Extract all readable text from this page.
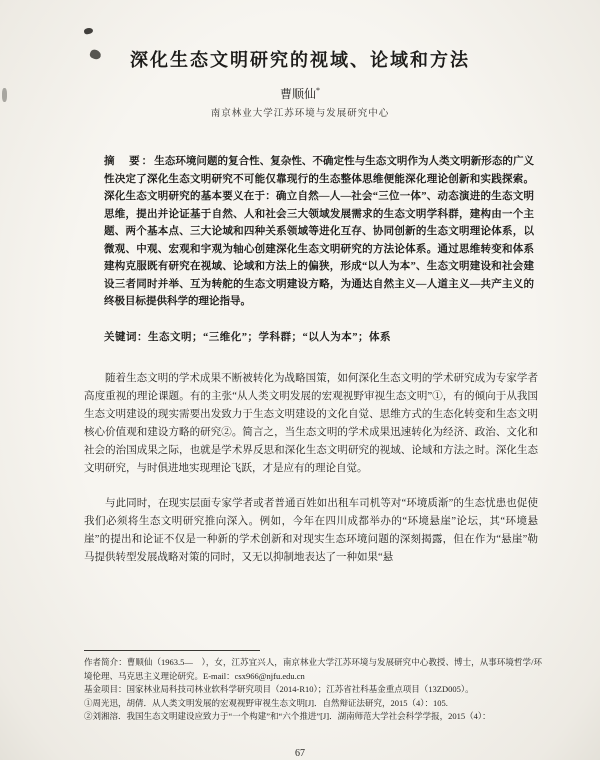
深化生态文明研究的视域、论域和方法
曹顺仙*
南京林业大学江苏环境与发展研究中心
摘　要：生态环境问题的复合性、复杂性、不确定性与生态文明作为人类文明新形态的广义性决定了深化生态文明研究不可能仅靠现行的生态整体思维便能深化理论创新和实践探索。深化生态文明研究的基本要义在于：确立自然—人—社会“三位一体”、动态演进的生态文明思维，提出并论证基于自然、人和社会三大领域发展需求的生态文明学科群，建构由一个主题、两个基本点、三大论域和四种关系领域等进化互存、协同创新的生态文明理论体系，以微观、中观、宏观和宇观为轴心创建深化生态文明研究的方法论体系。通过思维转变和体系建构克服既有研究在视域、论域和方法上的偏狭，形成“以人为本”、生态文明建设和社会建设三者同时并举、互为转舵的生态文明建设方略，为通达自然主义—人道主义—共产主义的终极目标提供科学的理论指导。
关键词：生态文明；“三维化”；学科群；“以人为本”；体系

随着生态文明的学术成果不断被转化为战略国策，如何深化生态文明的学术研究成为专家学者高度重视的理论课题。有的主张“从人类文明发展的宏观视野审视生态文明”①，有的倾向于从我国生态文明建设的现实需要出发致力于生态文明建设的文化自觉、思维方式的生态化转变和生态文明核心价值观和建设方略的研究②。简言之，当生态文明的学术成果迅速转化为经济、政治、文化和社会的治国成果之际，也就是学术界反思和深化生态文明研究的视域、论域和方法之时。深化生态文明研究，与时俱进地实现理论飞跃，才是应有的理论自觉。

与此同时，在现实层面专家学者或者普通百姓如出租车司机等对“环境质渐”的生态忧患也促使我们必须将生态文明研究推向深入。例如，今年在四川成都举办的“环境悬崖”论坛，其“环境悬崖”的提出和论证不仅是一种新的学术创新和对现实生态环境问题的深刻揭露，但在作为“悬崖”勒马提供转型发展战略对策的同时，又无以抑制地表达了一种如果“悬

作者简介：曹顺仙（1963.5—　），女，江苏宜兴人，南京林业大学江苏环境与发展研究中心教授、博士，从事环境哲学/环境伦理、马克思主义理论研究。E-mail：csx966@njfu.edu.cn

基金项目：国家林业局科技司林业软科学研究项目（2014-R10）；江苏省社科基金重点项目（13ZD005）。

①周光迅，胡倩．从人类文明发展的宏观视野审视生态文明[J]．自然辩证法研究，2015（4）：105.

②刘湘溶．我国生态文明建设应致力于“一个构建”和“六个推进”[J]．湖南师范大学社会科学学报，2015（4）：

67
